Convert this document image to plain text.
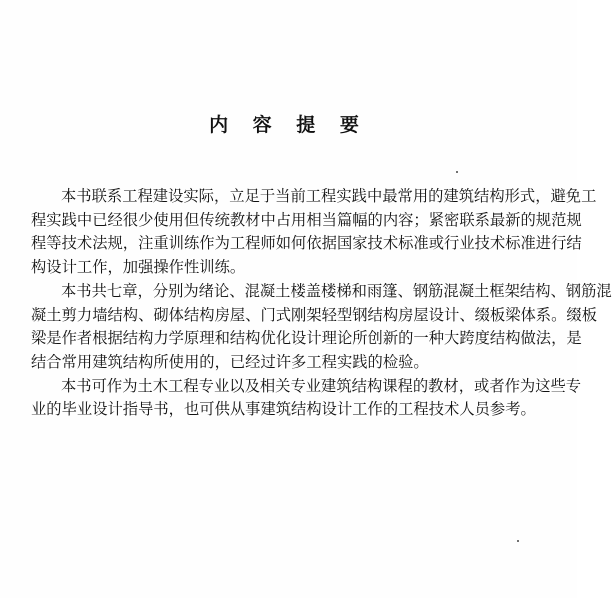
内 容 提 要
本书联系工程建设实际，立足于当前工程实践中最常用的建筑结构形式，避免工
程实践中已经很少使用但传统教材中占用相当篇幅的内容；紧密联系最新的规范规
程等技术法规，注重训练作为工程师如何依据国家技术标准或行业技术标准进行结
构设计工作，加强操作性训练。
本书共七章，分别为绪论、混凝土楼盖楼梯和雨篷、钢筋混凝土框架结构、钢筋混
凝土剪力墙结构、砌体结构房屋、门式刚架轻型钢结构房屋设计、缀板梁体系。缀板
梁是作者根据结构力学原理和结构优化设计理论所创新的一种大跨度结构做法，是
结合常用建筑结构所使用的，已经过许多工程实践的检验。
本书可作为土木工程专业以及相关专业建筑结构课程的教材，或者作为这些专
业的毕业设计指导书，也可供从事建筑结构设计工作的工程技术人员参考。
